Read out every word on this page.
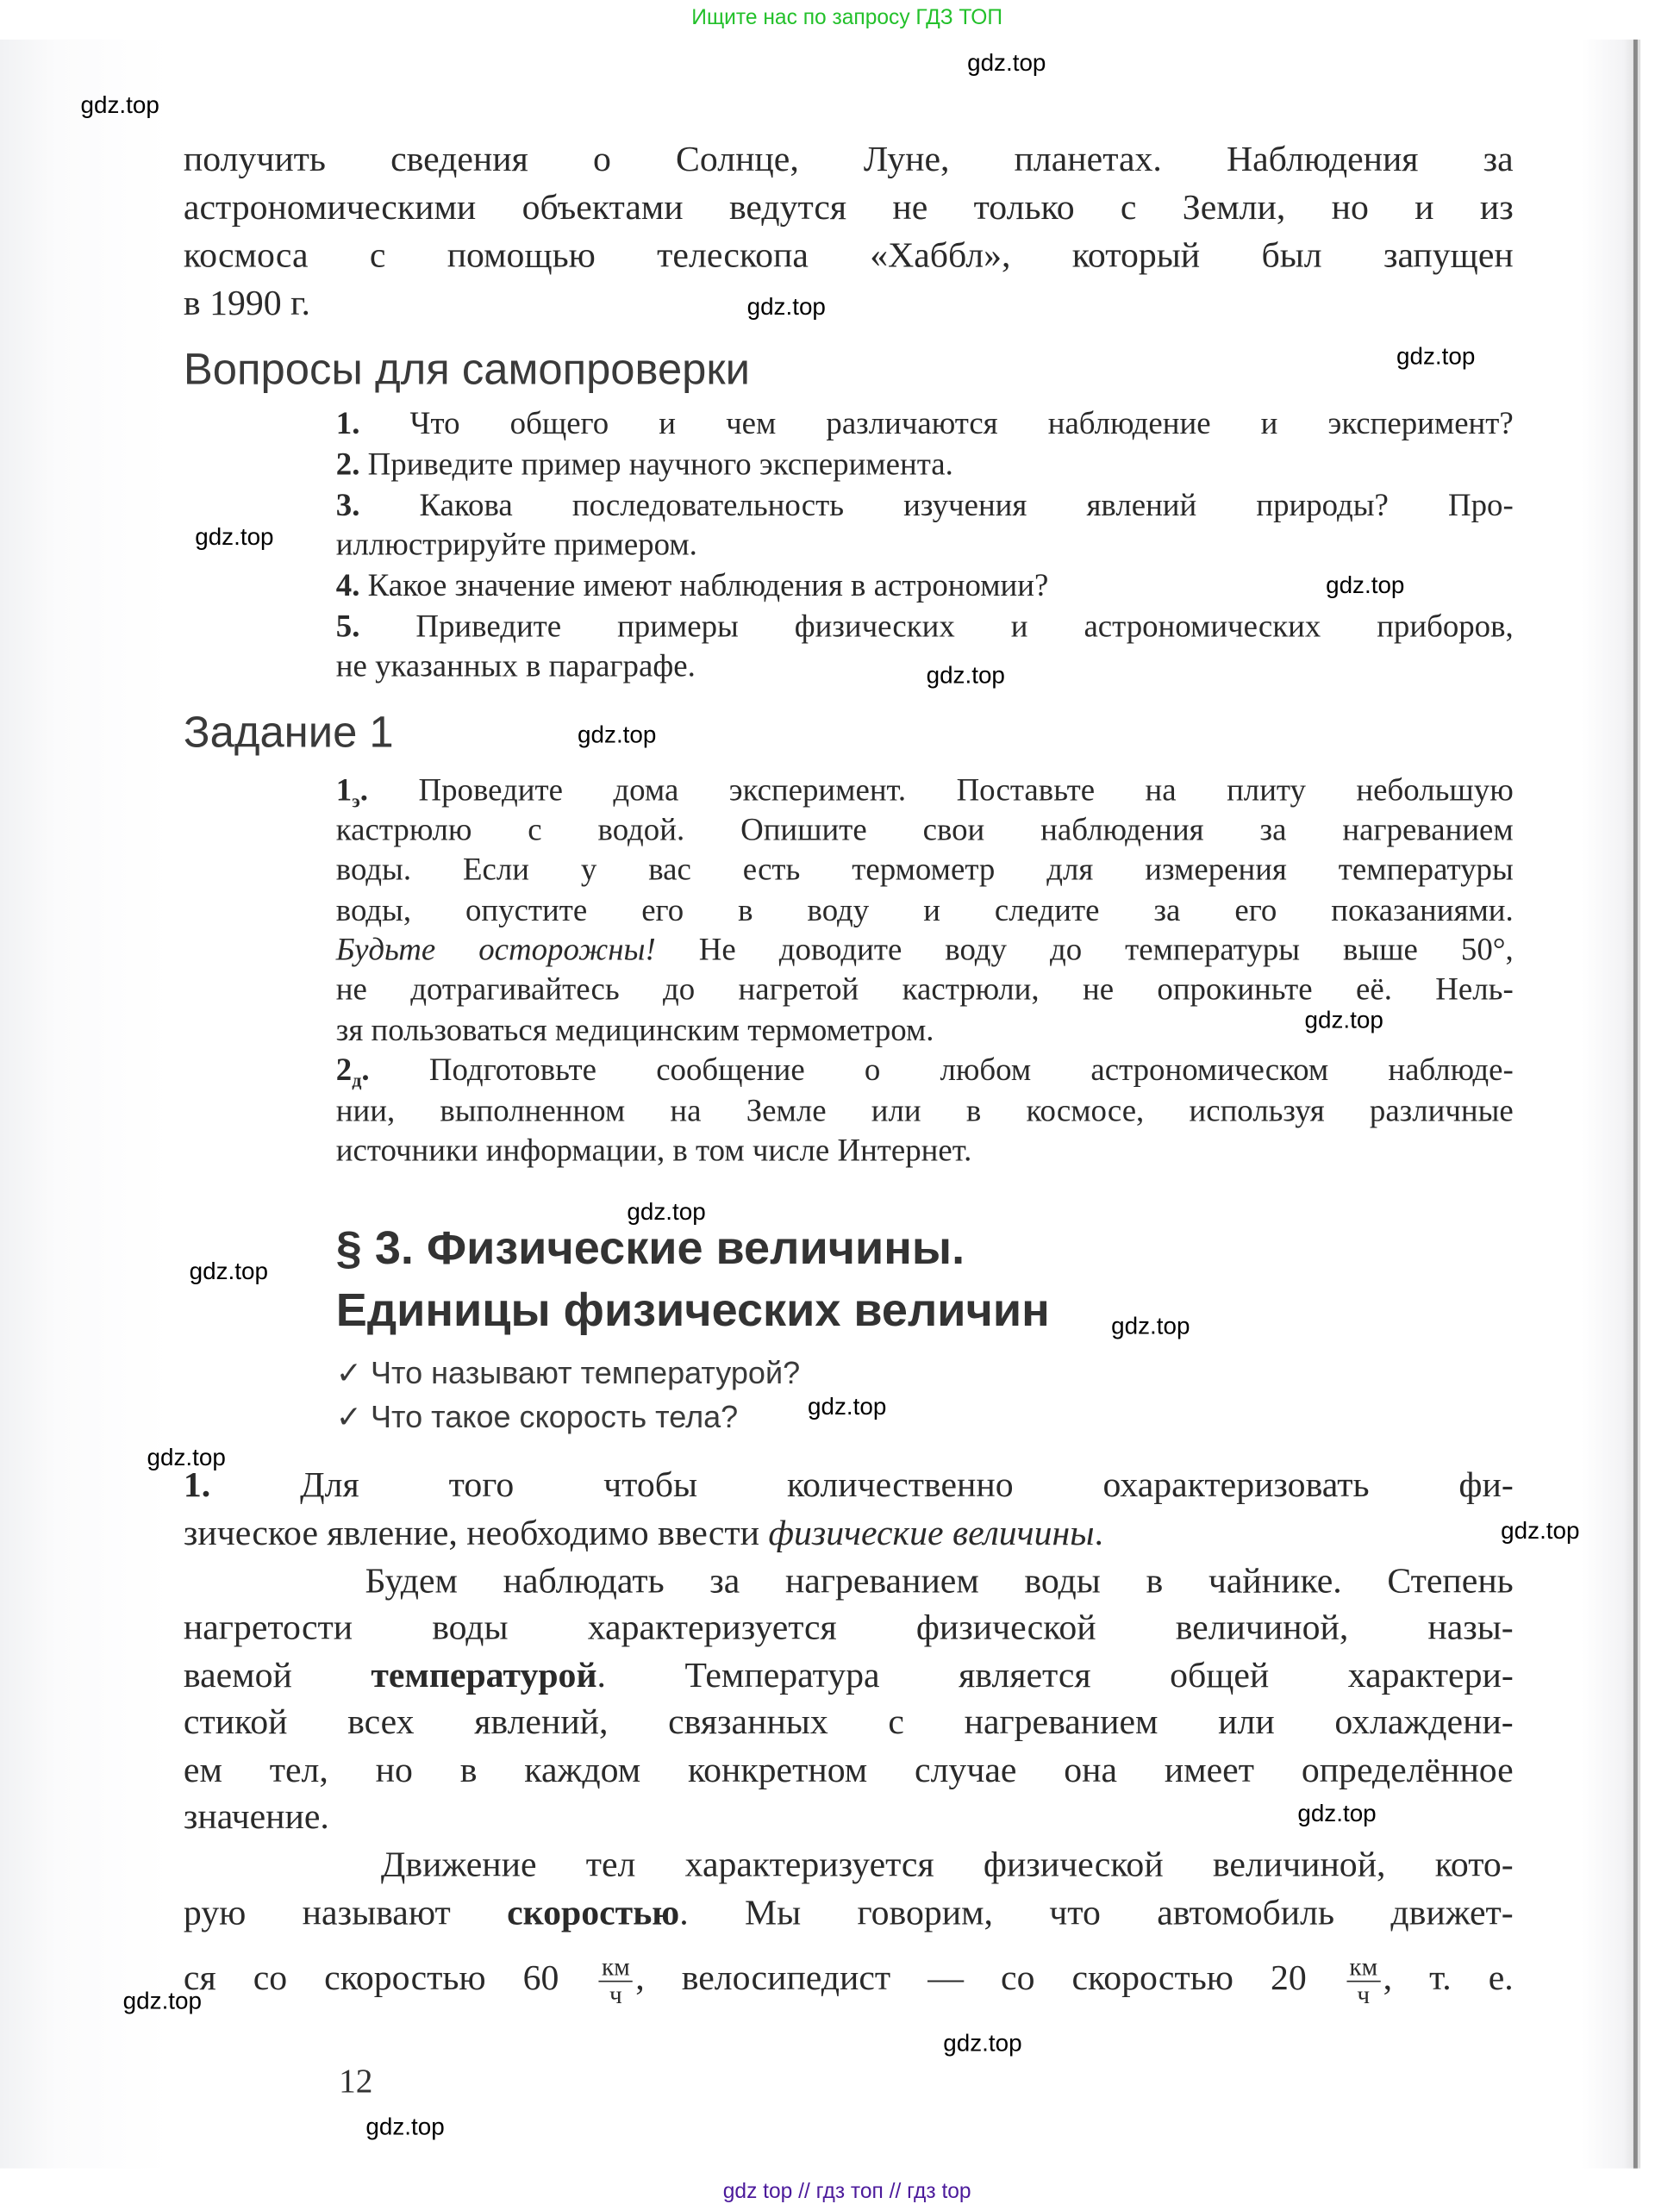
Ищите нас по запросу ГДЗ ТОП
получить сведения о Солнце, Луне, планетах. Наблюдения за
астрономическими объектами ведутся не только с Земли, но и из
космоса с помощью телескопа «Хаббл», который был запущен
в 1990 г.
Вопросы для самопроверки
1. Что общего и чем различаются наблюдение и эксперимент?
2. Приведите пример научного эксперимента.
3. Какова последовательность изучения явлений природы? Про-
иллюстрируйте примером.
4. Какое значение имеют наблюдения в астрономии?
5. Приведите примеры физических и астрономических приборов,
не указанных в параграфе.
Задание 1
$1_э$. Проведите дома эксперимент. Поставьте на плиту небольшую
кастрюлю с водой. Опишите свои наблюдения за нагреванием
воды. Если у вас есть термометр для измерения температуры
воды, опустите его в воду и следите за его показаниями.
Будьте осторожны! Не доводите воду до температуры выше 50°,
не дотрагивайтесь до нагретой кастрюли, не опрокиньте её. Нель-
зя пользоваться медицинским термометром.
$2_д$. Подготовьте сообщение о любом астрономическом наблюде-
нии, выполненном на Земле или в космосе, используя различные
источники информации, в том числе Интернет.
§ 3. Физические величины.
Единицы физических величин
✓ Что называют температурой?
✓ Что такое скорость тела?
1. Для того чтобы количественно охарактеризовать фи-
зическое явление, необходимо ввести физические величины.
Будем наблюдать за нагреванием воды в чайнике. Степень
нагретости воды характеризуется физической величиной, назы-
ваемой температурой. Температура является общей характери-
стикой всех явлений, связанных с нагреванием или охлаждени-
ем тел, но в каждом конкретном случае она имеет определённое
значение.
Движение тел характеризуется физической величиной, кото-
рую называют скоростью. Мы говорим, что автомобиль движет-
ся со скоростью $60 \frac{км}{ч}$ , велосипедист — со скоростью $20 \frac{км}{ч}$ , т. е.
12
gdz top // гдз топ // гдз top
gdz.top
gdz.top
gdz.top
gdz.top
gdz.top
gdz.top
gdz.top
gdz.top
gdz.top
gdz.top
gdz.top
gdz.top
gdz.top
gdz.top
gdz.top
gdz.top
gdz.top
gdz.top
gdz.top
